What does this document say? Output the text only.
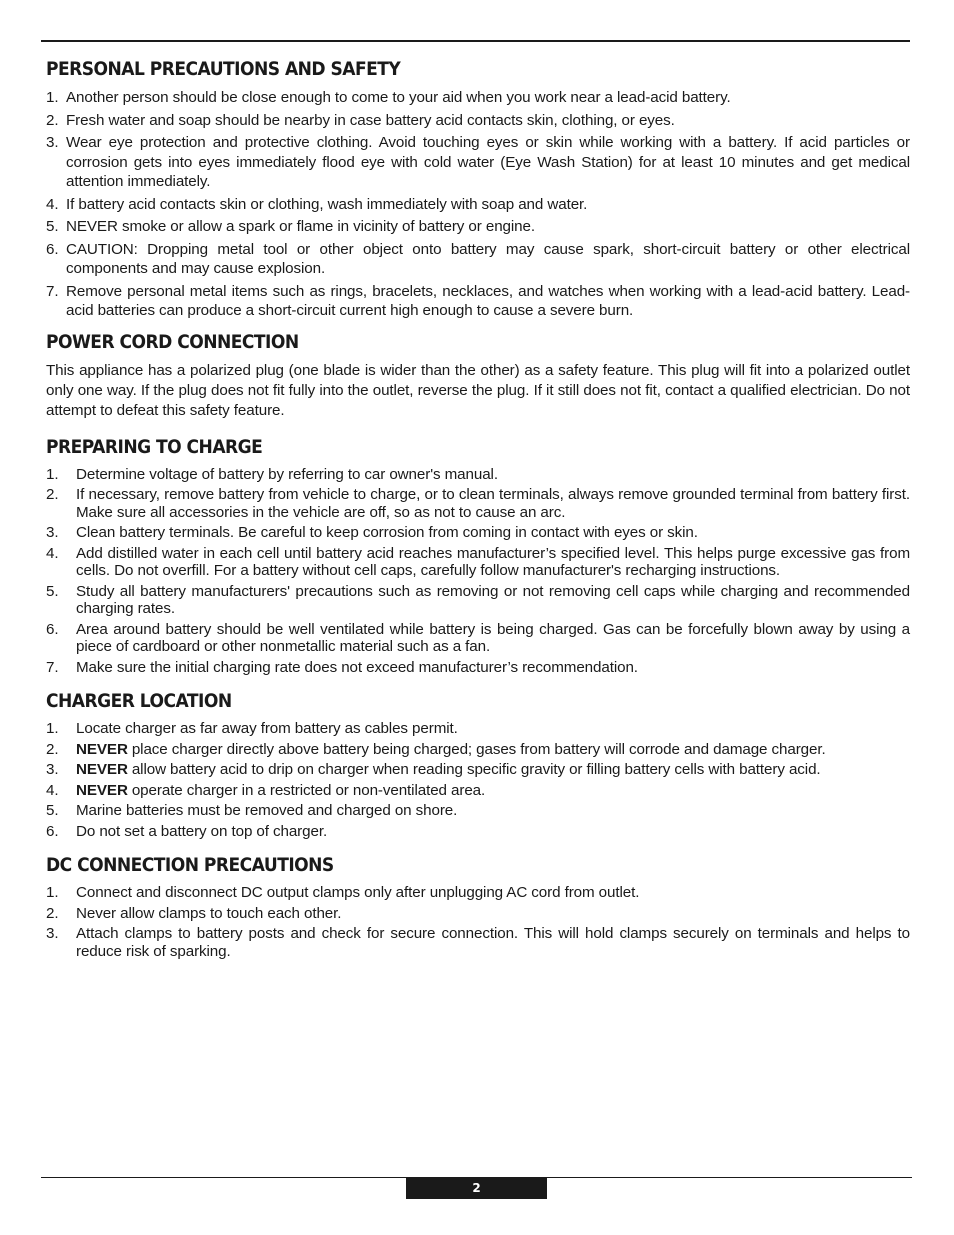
PERSONAL PRECAUTIONS AND SAFETY
1. Another person should be close enough to come to your aid when you work near a lead-acid battery.
2. Fresh water and soap should be nearby in case battery acid contacts skin, clothing, or eyes.
3. Wear eye protection and protective clothing. Avoid touching eyes or skin while working with a battery. If acid particles or corrosion gets into eyes immediately flood eye with cold water (Eye Wash Station) for at least 10 minutes and get medical attention immediately.
4. If battery acid contacts skin or clothing, wash immediately with soap and water.
5. NEVER smoke or allow a spark or flame in vicinity of battery or engine.
6. CAUTION: Dropping metal tool or other object onto battery may cause spark, short-circuit battery or other electrical components and may cause explosion.
7. Remove personal metal items such as rings, bracelets, necklaces, and watches when working with a lead-acid battery. Lead-acid batteries can produce a short-circuit current high enough to cause a severe burn.
POWER CORD CONNECTION

This appliance has a polarized plug (one blade is wider than the other) as a safety feature. This plug will fit into a polarized outlet only one way. If the plug does not fit fully into the outlet, reverse the plug. If it still does not fit, contact a qualified electrician. Do not attempt to defeat this safety feature.

PREPARING TO CHARGE
1.	Determine voltage of battery by referring to car owner's manual.
2.	If necessary, remove battery from vehicle to charge, or to clean terminals, always remove grounded terminal from battery first. Make sure all accessories in the vehicle are off, so as not to cause an arc.
3.	Clean battery terminals. Be careful to keep corrosion from coming in contact with eyes or skin.
4.	Add distilled water in each cell until battery acid reaches manufacturer’s specified level. This helps purge excessive gas from cells. Do not overfill. For a battery without cell caps, carefully follow manufacturer's recharging instructions.
5.	Study all battery manufacturers' precautions such as removing or not removing cell caps while charging and recommended charging rates.
6.	Area around battery should be well ventilated while battery is being charged. Gas can be forcefully blown away by using a piece of cardboard or other nonmetallic material such as a fan.
7.	Make sure the initial charging rate does not exceed manufacturer’s recommendation.
CHARGER LOCATION
1.	Locate charger as far away from battery as cables permit.
2.	NEVER place charger directly above battery being charged; gases from battery will corrode and damage charger.
3.	NEVER allow battery acid to drip on charger when reading specific gravity or filling battery cells with battery acid.
4.	NEVER operate charger in a restricted or non-ventilated area.
5.	Marine batteries must be removed and charged on shore.
6.	Do not set a battery on top of charger.
DC CONNECTION PRECAUTIONS
1.	Connect and disconnect DC output clamps only after unplugging AC cord from outlet.
2.	Never allow clamps to touch each other.
3.	Attach clamps to battery posts and check for secure connection. This will hold clamps securely on terminals and helps to reduce risk of sparking.
2
